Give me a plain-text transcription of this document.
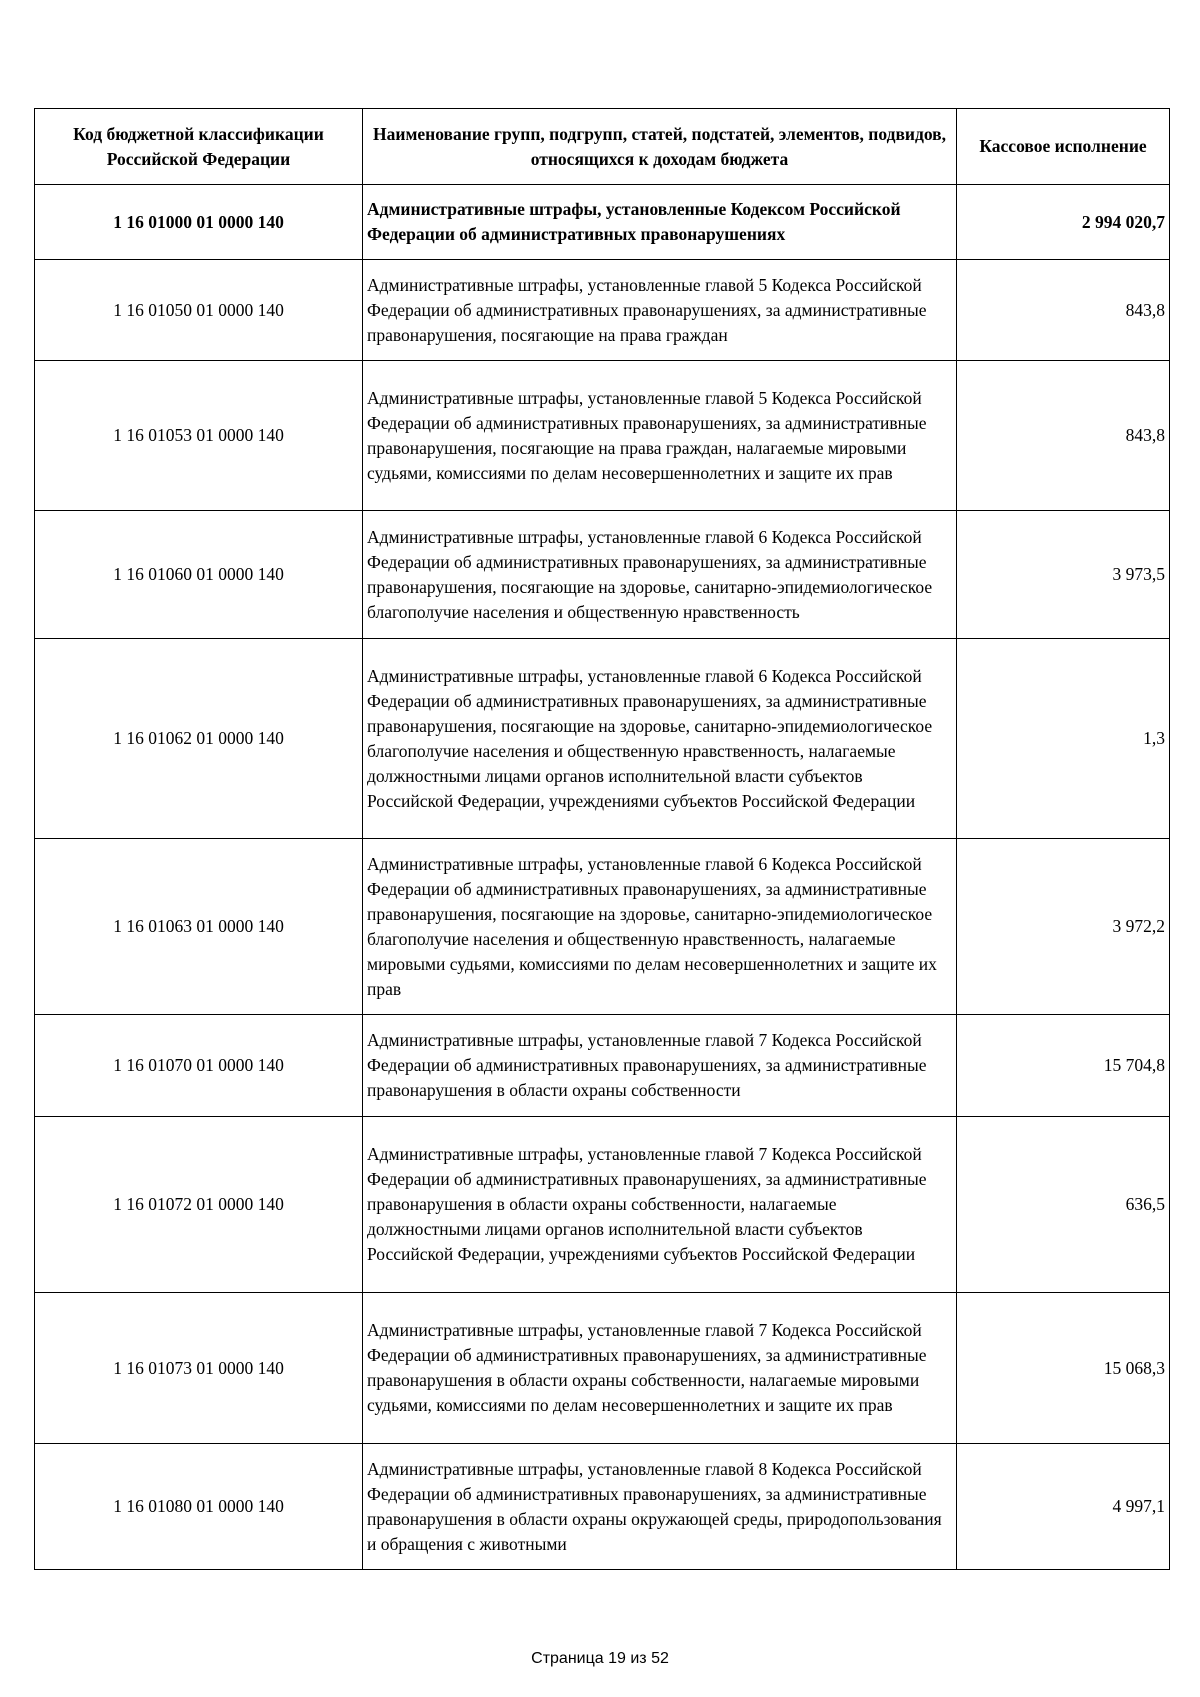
Код бюджетной классификации Российской Федерации	Наименование групп, подгрупп, статей, подстатей, элементов, подвидов, относящихся к доходам бюджета	Кассовое исполнение
1 16 01000 01 0000 140	Административные штрафы, установленные Кодексом Российской Федерации об административных правонарушениях	2 994 020,7
1 16 01050 01 0000 140	Административные штрафы, установленные главой 5 Кодекса Российской Федерации об административных правонарушениях, за административные правонарушения, посягающие на права граждан	843,8
1 16 01053 01 0000 140	Административные штрафы, установленные главой 5 Кодекса Российской Федерации об административных правонарушениях, за административные правонарушения, посягающие на права граждан, налагаемые мировыми судьями, комиссиями по делам несовершеннолетних и защите их прав	843,8
1 16 01060 01 0000 140	Административные штрафы, установленные главой 6 Кодекса Российской Федерации об административных правонарушениях, за административные правонарушения, посягающие на здоровье, санитарно-эпидемиологическое благополучие населения и общественную нравственность	3 973,5
1 16 01062 01 0000 140	Административные штрафы, установленные главой 6 Кодекса Российской Федерации об административных правонарушениях, за административные правонарушения, посягающие на здоровье, санитарно-эпидемиологическое благополучие населения и общественную нравственность, налагаемые должностными лицами органов исполнительной власти субъектов Российской Федерации, учреждениями субъектов Российской Федерации	1,3
1 16 01063 01 0000 140	Административные штрафы, установленные главой 6 Кодекса Российской Федерации об административных правонарушениях, за административные правонарушения, посягающие на здоровье, санитарно-эпидемиологическое благополучие населения и общественную нравственность, налагаемые мировыми судьями, комиссиями по делам несовершеннолетних и защите их прав	3 972,2
1 16 01070 01 0000 140	Административные штрафы, установленные главой 7 Кодекса Российской Федерации об административных правонарушениях, за административные правонарушения в области охраны собственности	15 704,8
1 16 01072 01 0000 140	Административные штрафы, установленные главой 7 Кодекса Российской Федерации об административных правонарушениях, за административные правонарушения в области охраны собственности, налагаемые должностными лицами органов исполнительной власти субъектов Российской Федерации, учреждениями субъектов Российской Федерации	636,5
1 16 01073 01 0000 140	Административные штрафы, установленные главой 7 Кодекса Российской Федерации об административных правонарушениях, за административные правонарушения в области охраны собственности, налагаемые мировыми судьями, комиссиями по делам несовершеннолетних и защите их прав	15 068,3
1 16 01080 01 0000 140	Административные штрафы, установленные главой 8 Кодекса Российской Федерации об административных правонарушениях, за административные правонарушения в области охраны окружающей среды, природопользования и обращения с животными	4 997,1
Страница 19 из 52
